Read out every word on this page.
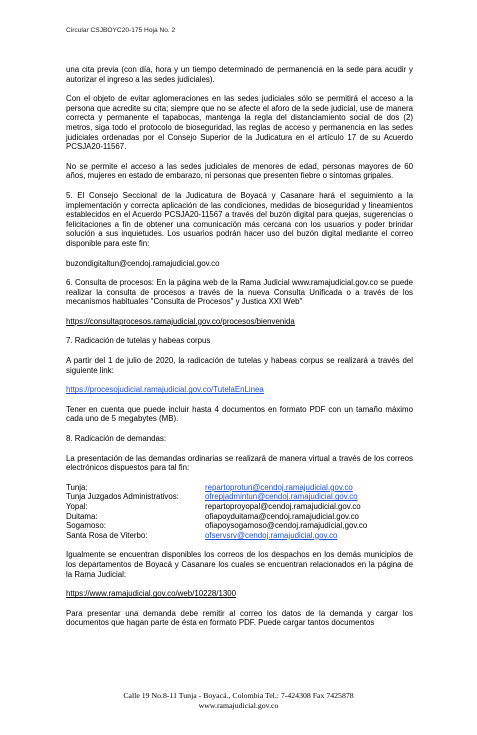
Circular CSJBOYC20-175 Hoja No. 2

una cita previa (con día, hora y un tiempo determinado de permanencia en la sede para acudir y autorizar el ingreso a las sedes judiciales).

Con el objeto de evitar aglomeraciones en las sedes judiciales sólo se permitirá el acceso a la persona que acredite su cita; siempre que no se afecte el aforo de la sede judicial, use de manera correcta y permanente el tapabocas, mantenga la regla del distanciamiento social de dos (2) metros, siga todo el protocolo de bioseguridad, las reglas de acceso y permanencia en las sedes judiciales ordenadas por el Consejo Superior de la Judicatura en el artículo 17 de su Acuerdo PCSJA20-11567.

No se permite el acceso a las sedes judiciales de menores de edad, personas mayores de 60 años, mujeres en estado de embarazo, ni personas que presenten fiebre o síntomas gripales.

5. El Consejo Seccional de la Judicatura de Boyacá y Casanare hará el seguimiento a la implementación y correcta aplicación de las condiciones, medidas de bioseguridad y lineamientos establecidos en el Acuerdo PCSJA20-11567 a través del buzón digital para quejas, sugerencias o felicitaciones a fin de obtener una comunicación más cercana con los usuarios y poder brindar solución a sus inquietudes. Los usuarios podrán hacer uso del buzón digital mediante el correo disponible para este fin:

buzondigitaltun@cendoj.ramajudicial.gov.co

6. Consulta de procesos: En la página web de la Rama Judicial www.ramajudicial.gov.co se puede realizar la consulta de procesos a través de la nueva Consulta Unificada o a través de los mecanismos habituales "Consulta de Procesos" y Justica XXI Web"

https://consultaprocesos.ramajudicial.gov.co/procesos/bienvenida

7. Radicación de tutelas y habeas corpus

A partir del 1 de julio de 2020, la radicación de tutelas y habeas corpus se realizará a través del siguiente link:

https://procesojudicial.ramajudicial.gov.co/TutelaEnLinea

Tener en cuenta que puede incluir hasta 4 documentos en formato PDF con un tamaño máximo cada uno de 5 megabytes (MB).

8. Radicación de demandas:

La presentación de las demandas ordinarias se realizará de manera virtual a través de los correos electrónicos dispuestos para tal fin:

Tunja:	repartoprotun@cendoj.ramajudicial.gov.co
Tunja Juzgados Administrativos:	ofrepjadmintun@cendoj.ramajudicial.gov.co
Yopal:	repartoproyopal@cendoj.ramajudicial.gov.co
Duitama:	ofiapoyduitama@cendoj.ramajudicial.gov.co
Sogamoso:	ofiapoysogamoso@cendoj.ramajudicial,gov.co
Santa Rosa de Viterbo:	ofservsrv@cendoj.ramajudicial.gov.co

Igualmente se encuentran disponibles los correos de los despachos en los demás municipios de los departamentos de Boyacá y Casanare los cuales se encuentran relacionados en la página de la Rama Judicial:

https://www.ramajudicial.gov.co/web/10228/1300

Para presentar una demanda debe remitir al correo los datos de la demanda y cargar los documentos que hagan parte de ésta en formato PDF. Puede cargar tantos documentos

Calle 19 No.8-11 Tunja - Boyacá., Colombia Tel.: 7-424308 Fax 7425878
www.ramajudicial.gov.co
